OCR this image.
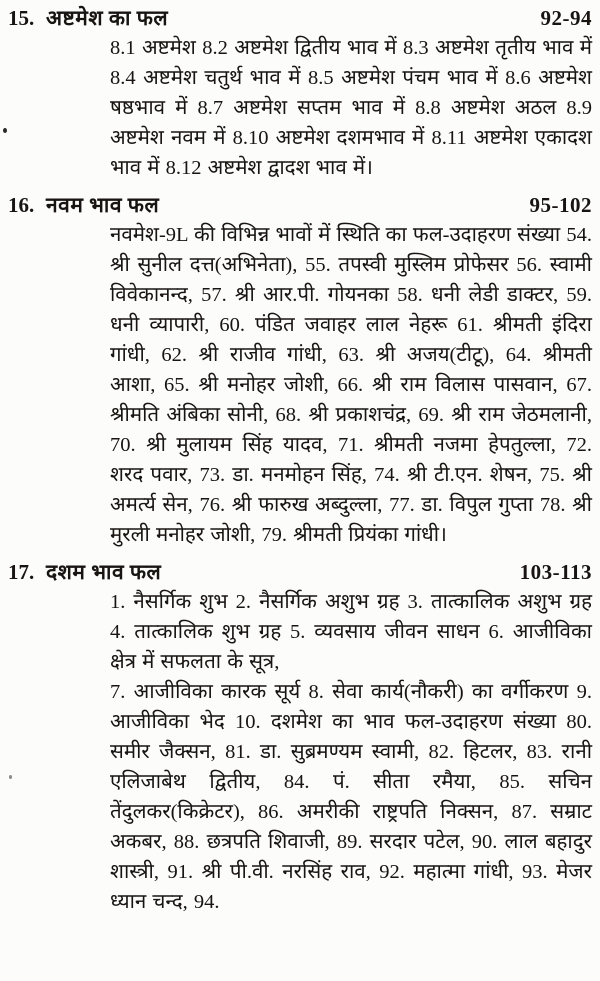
15. अष्टमेश का फल	92-94

8.1 अष्टमेश 8.2 अष्टमेश द्वितीय भाव में 8.3 अष्टमेश तृतीय भाव में 8.4 अष्टमेश चतुर्थ भाव में 8.5 अष्टमेश पंचम भाव में 8.6 अष्टमेश षष्ठभाव में 8.7 अष्टमेश सप्तम भाव में 8.8 अष्टमेश अठल 8.9 अष्टमेश नवम में 8.10 अष्टमेश दशमभाव में 8.11 अष्टमेश एकादश भाव में 8.12 अष्टमेश द्वादश भाव में।

16. नवम भाव फल	95-102

नवमेश-9L की विभिन्न भावों में स्थिति का फल-उदाहरण संख्या 54. श्री सुनील दत्त(अभिनेता), 55. तपस्वी मुस्लिम प्रोफेसर 56. स्वामी विवेकानन्द, 57. श्री आर.पी. गोयनका 58. धनी लेडी डाक्टर, 59. धनी व्यापारी, 60. पंडित जवाहर लाल नेहरू 61. श्रीमती इंदिरा गांधी, 62. श्री राजीव गांधी, 63. श्री अजय(टीटू), 64. श्रीमती आशा, 65. श्री मनोहर जोशी, 66. श्री राम विलास पासवान, 67. श्रीमति अंबिका सोनी, 68. श्री प्रकाशचंद्र, 69. श्री राम जेठमलानी, 70. श्री मुलायम सिंह यादव, 71. श्रीमती नजमा हेपतुल्ला, 72. शरद पवार, 73. डा. मनमोहन सिंह, 74. श्री टी.एन. शेषन, 75. श्री अमर्त्य सेन, 76. श्री फारुख अब्दुल्ला, 77. डा. विपुल गुप्ता 78. श्री मुरली मनोहर जोशी, 79. श्रीमती प्रियंका गांधी।

17. दशम भाव फल	103-113

1. नैसर्गिक शुभ 2. नैसर्गिक अशुभ ग्रह 3. तात्कालिक अशुभ ग्रह 4. तात्कालिक शुभ ग्रह 5. व्यवसाय जीवन साधन 6. आजीविका क्षेत्र में सफलता के सूत्र,

7. आजीविका कारक सूर्य 8. सेवा कार्य(नौकरी) का वर्गीकरण 9. आजीविका भेद 10. दशमेश का भाव फल-उदाहरण संख्या 80. समीर जैक्सन, 81. डा. सुब्रमण्यम स्वामी, 82. हिटलर, 83. रानी एलिजाबेथ द्वितीय, 84. पं. सीता रमैया, 85. सचिन तेंदुलकर(किक्रेटर), 86. अमरीकी राष्ट्रपति निक्सन, 87. सम्राट अकबर, 88. छत्रपति शिवाजी, 89. सरदार पटेल, 90. लाल बहादुर शास्त्री, 91. श्री पी.वी. नरसिंह राव, 92. महात्मा गांधी, 93. मेजर ध्यान चन्द, 94.
